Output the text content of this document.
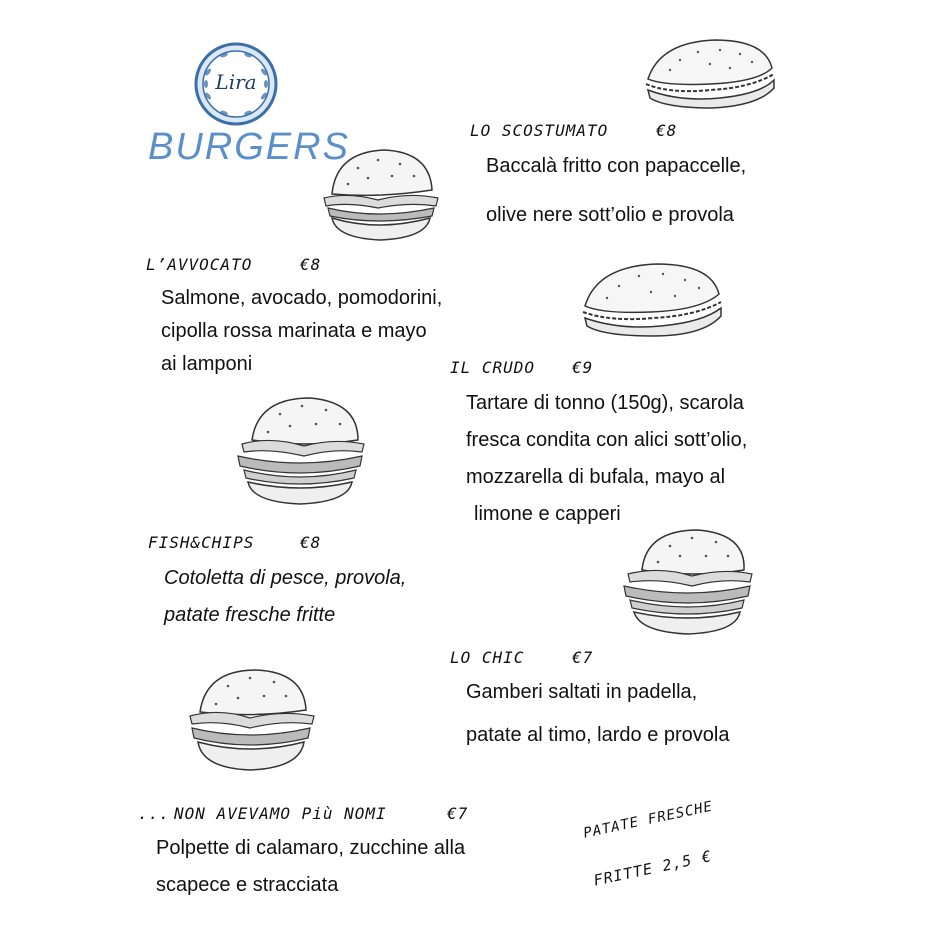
Lira
BURGERS	LO SCOSTUMATO	€8
Baccalà fritto con papaccelle,
olive nere sott’olio e provola
L’AVVOCATO	€8
Salmone, avocado, pomodorini,
cipolla rossa marinata e mayo
ai lamponi	IL CRUDO €9
Tartare di tonno (150g), scarola
fresca condita con alici sott’olio,
mozzarella di bufala, mayo al
limone e capperi
FISH&CHIPS	€8
Cotoletta di pesce, provola,
patate fresche fritte
LO CHIC	€7
Gamberi saltati in padella,
patate al timo, lardo e provola
... NON AVEVAMO Più NOMI	€7
Polpette di calamaro, zucchine alla
scapece e stracciata
PATATE FRESCHE
FRITTE 2,5 €
